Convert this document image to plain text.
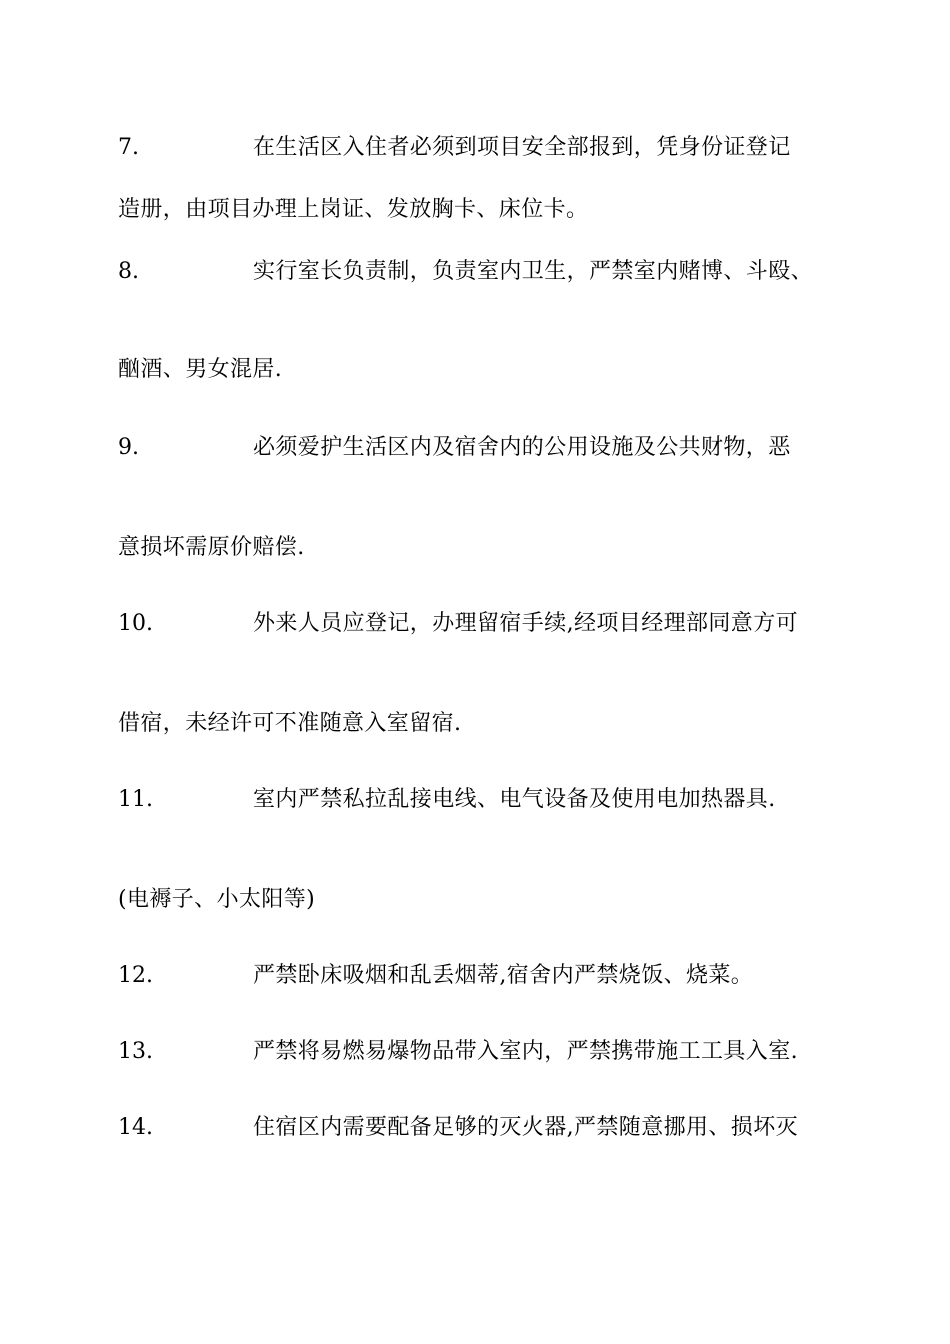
7.	在生活区入住者必须到项目安全部报到，凭身份证登记
造册，由项目办理上岗证、发放胸卡、床位卡。
8.	实行室长负责制，负责室内卫生，严禁室内赌博、斗殴、
酗酒、男女混居.
9.	必须爱护生活区内及宿舍内的公用设施及公共财物，恶
意损坏需原价赔偿.
10.	外来人员应登记，办理留宿手续,经项目经理部同意方可
借宿，未经许可不准随意入室留宿.
11.	室内严禁私拉乱接电线、电气设备及使用电加热器具.
(电褥子、小太阳等)
12.	严禁卧床吸烟和乱丢烟蒂,宿舍内严禁烧饭、烧菜。
13.	严禁将易燃易爆物品带入室内，严禁携带施工工具入室.
14.	住宿区内需要配备足够的灭火器,严禁随意挪用、损坏灭
